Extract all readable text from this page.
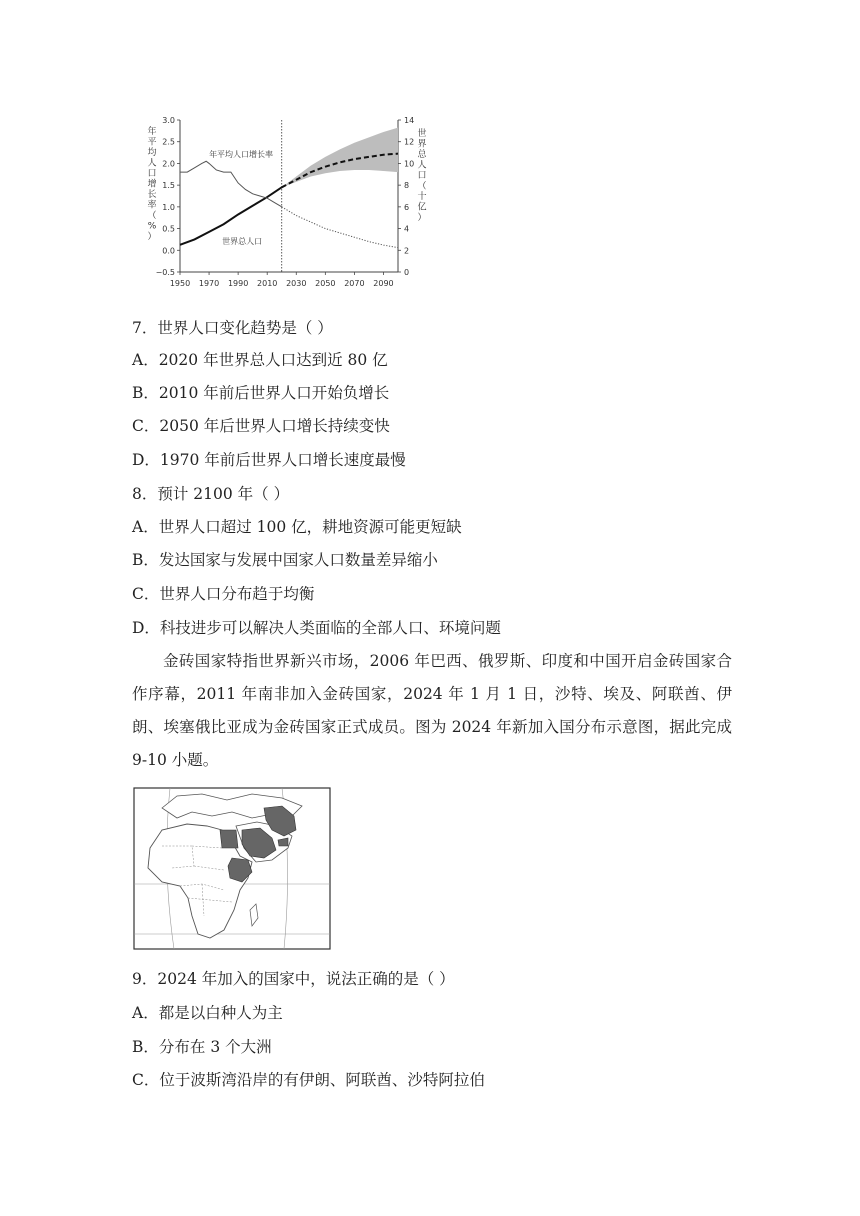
3.0
2.5
2.0
1.5
1.0
0.5
0.0
−0.5
14
12
10
8
6
4
2
0
1950 1970 1990 2010 2030 2050 2070 2090
年平均人口增长率（%）
世界总人口（十亿）
年平均人口增长率
世界总人口
7．世界人口变化趋势是（ ）
A．2020 年世界总人口达到近 80 亿
B．2010 年前后世界人口开始负增长
C．2050 年后世界人口增长持续变快
D．1970 年前后世界人口增长速度最慢
8．预计 2100 年（ ）
A．世界人口超过 100 亿，耕地资源可能更短缺
B．发达国家与发展中国家人口数量差异缩小
C．世界人口分布趋于均衡
D．科技进步可以解决人类面临的全部人口、环境问题
金砖国家特指世界新兴市场，2006 年巴西、俄罗斯、印度和中国开启金砖国家合作序幕，2011 年南非加入金砖国家，2024 年 1 月 1 日，沙特、埃及、阿联酋、伊朗、埃塞俄比亚成为金砖国家正式成员。图为 2024 年新加入国分布示意图，据此完成 9-10 小题。
9．2024 年加入的国家中，说法正确的是（ ）
A．都是以白种人为主
B．分布在 3 个大洲
C．位于波斯湾沿岸的有伊朗、阿联酋、沙特阿拉伯
